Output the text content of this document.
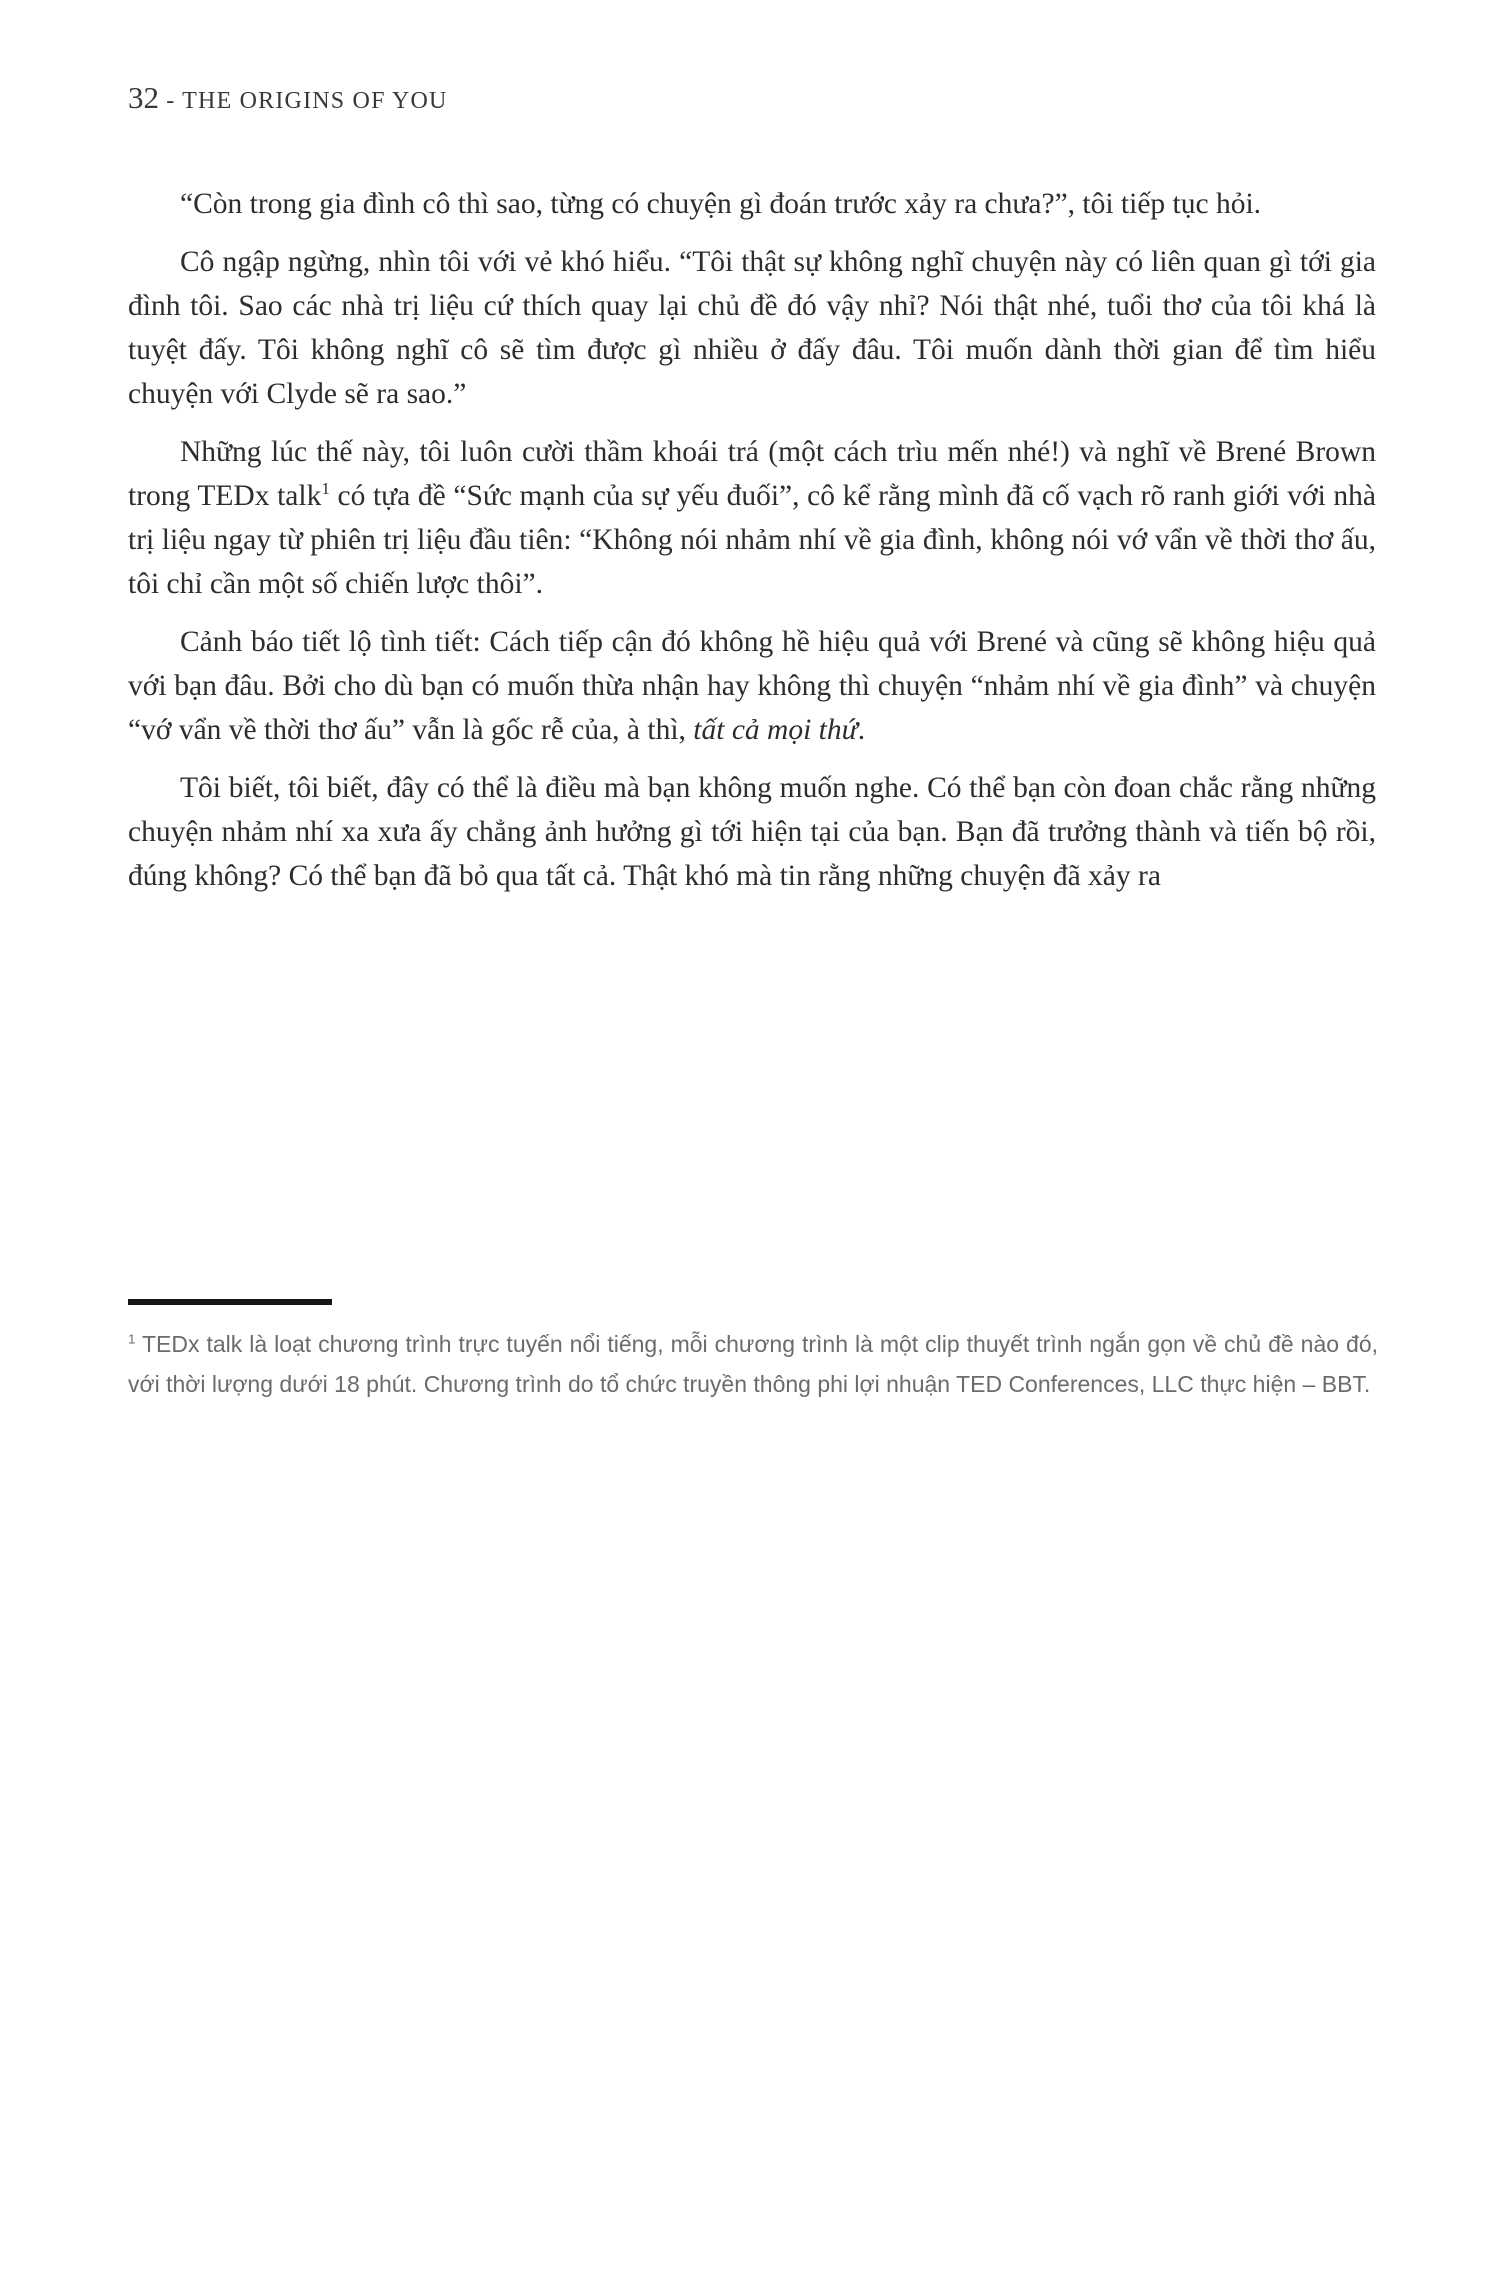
32 - THE ORIGINS OF YOU

“Còn trong gia đình cô thì sao, từng có chuyện gì đoán trước xảy ra chưa?”, tôi tiếp tục hỏi.

Cô ngập ngừng, nhìn tôi với vẻ khó hiểu. “Tôi thật sự không nghĩ chuyện này có liên quan gì tới gia đình tôi. Sao các nhà trị liệu cứ thích quay lại chủ đề đó vậy nhỉ? Nói thật nhé, tuổi thơ của tôi khá là tuyệt đấy. Tôi không nghĩ cô sẽ tìm được gì nhiều ở đấy đâu. Tôi muốn dành thời gian để tìm hiểu chuyện với Clyde sẽ ra sao.”

Những lúc thế này, tôi luôn cười thầm khoái trá (một cách trìu mến nhé!) và nghĩ về Brené Brown trong TEDx talk$^1$ có tựa đề “Sức mạnh của sự yếu đuối”, cô kể rằng mình đã cố vạch rõ ranh giới với nhà trị liệu ngay từ phiên trị liệu đầu tiên: “Không nói nhảm nhí về gia đình, không nói vớ vẩn về thời thơ ấu, tôi chỉ cần một số chiến lược thôi”.

Cảnh báo tiết lộ tình tiết: Cách tiếp cận đó không hề hiệu quả với Brené và cũng sẽ không hiệu quả với bạn đâu. Bởi cho dù bạn có muốn thừa nhận hay không thì chuyện “nhảm nhí về gia đình” và chuyện “vớ vẩn về thời thơ ấu” vẫn là gốc rễ của, à thì, tất cả mọi thứ.

Tôi biết, tôi biết, đây có thể là điều mà bạn không muốn nghe. Có thể bạn còn đoan chắc rằng những chuyện nhảm nhí xa xưa ấy chẳng ảnh hưởng gì tới hiện tại của bạn. Bạn đã trưởng thành và tiến bộ rồi, đúng không? Có thể bạn đã bỏ qua tất cả. Thật khó mà tin rằng những chuyện đã xảy ra

$^1$ TEDx talk là loạt chương trình trực tuyến nổi tiếng, mỗi chương trình là một clip thuyết trình ngắn gọn về chủ đề nào đó, với thời lượng dưới 18 phút. Chương trình do tổ chức truyền thông phi lợi nhuận TED Conferences, LLC thực hiện – BBT.
